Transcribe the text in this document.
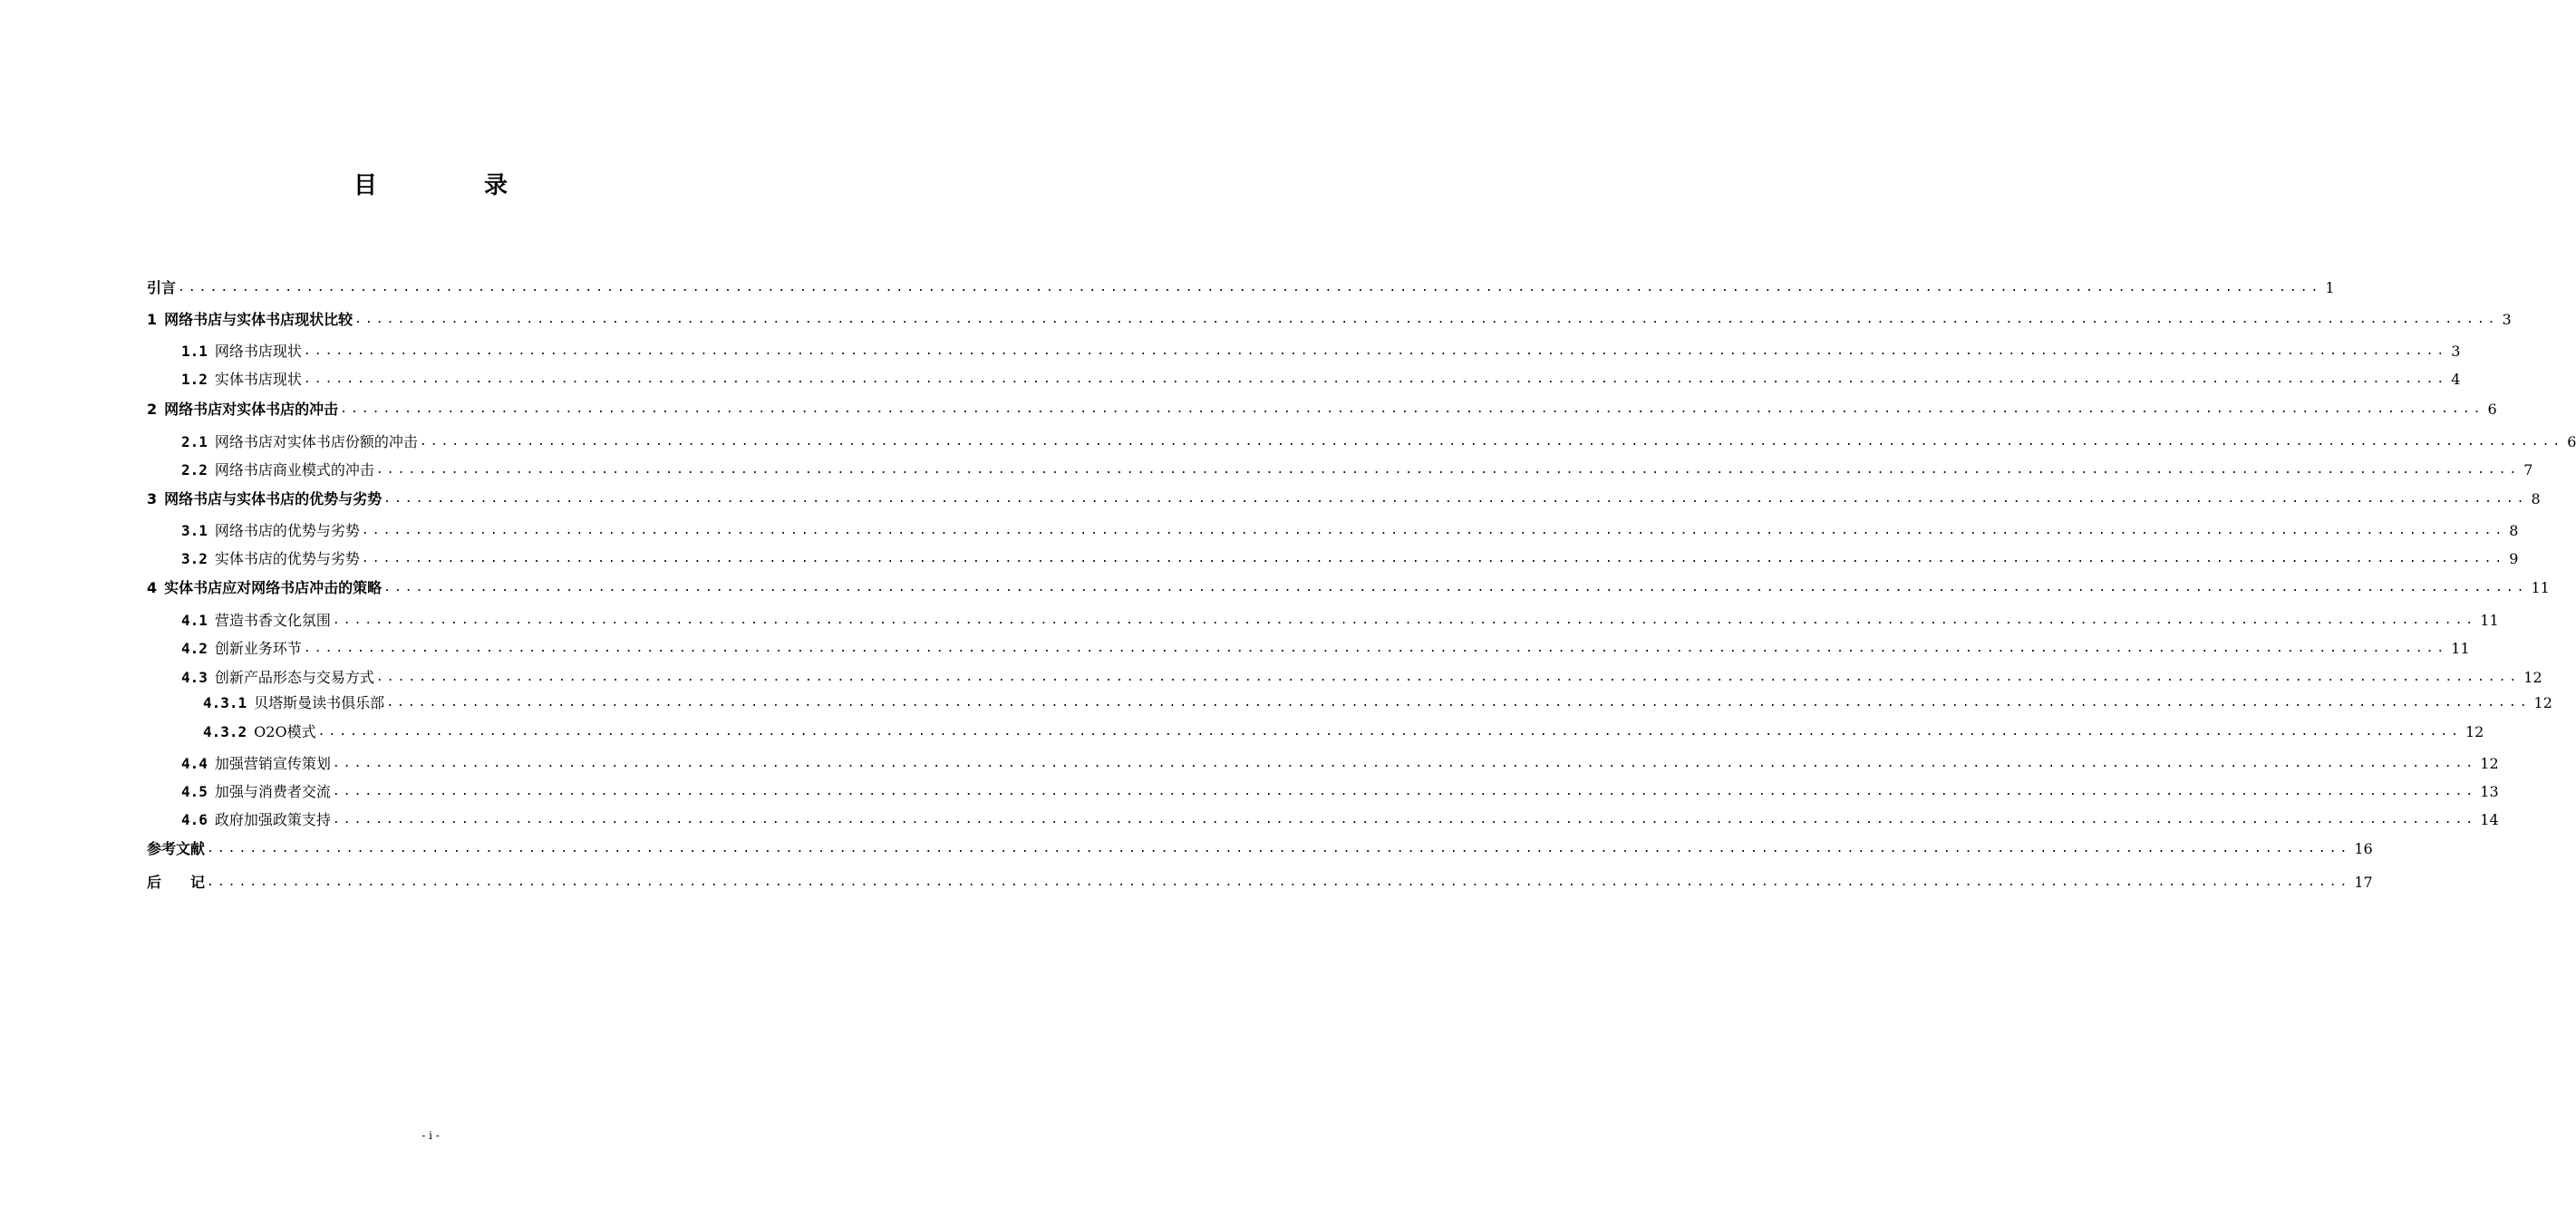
目　录
引言 ........................................................................................................................................................................................................ 1
1 网络书店与实体书店现状比较 ........................................................................................................................................................................................................ 3
1.1 网络书店现状 ........................................................................................................................................................................................................ 3
1.2 实体书店现状 ........................................................................................................................................................................................................ 4
2 网络书店对实体书店的冲击 ........................................................................................................................................................................................................ 6
2.1 网络书店对实体书店份额的冲击 ........................................................................................................................................................................................................ 6
2.2 网络书店商业模式的冲击 ........................................................................................................................................................................................................ 7
3 网络书店与实体书店的优势与劣势 ........................................................................................................................................................................................................ 8
3.1 网络书店的优势与劣势 ........................................................................................................................................................................................................ 8
3.2 实体书店的优势与劣势 ........................................................................................................................................................................................................ 9
4 实体书店应对网络书店冲击的策略 ........................................................................................................................................................................................................ 11
4.1 营造书香文化氛围 ........................................................................................................................................................................................................ 11
4.2 创新业务环节 ........................................................................................................................................................................................................ 11
4.3 创新产品形态与交易方式 ........................................................................................................................................................................................................ 12
4.3.1 贝塔斯曼读书俱乐部 ........................................................................................................................................................................................................ 12
4.3.2 O2O模式 ........................................................................................................................................................................................................ 12
4.4 加强营销宣传策划 ........................................................................................................................................................................................................ 12
4.5 加强与消费者交流 ........................................................................................................................................................................................................ 13
4.6 政府加强政策支持 ........................................................................................................................................................................................................ 14
参考文献 ........................................................................................................................................................................................................ 16
后　　记 ........................................................................................................................................................................................................ 17
- i -
